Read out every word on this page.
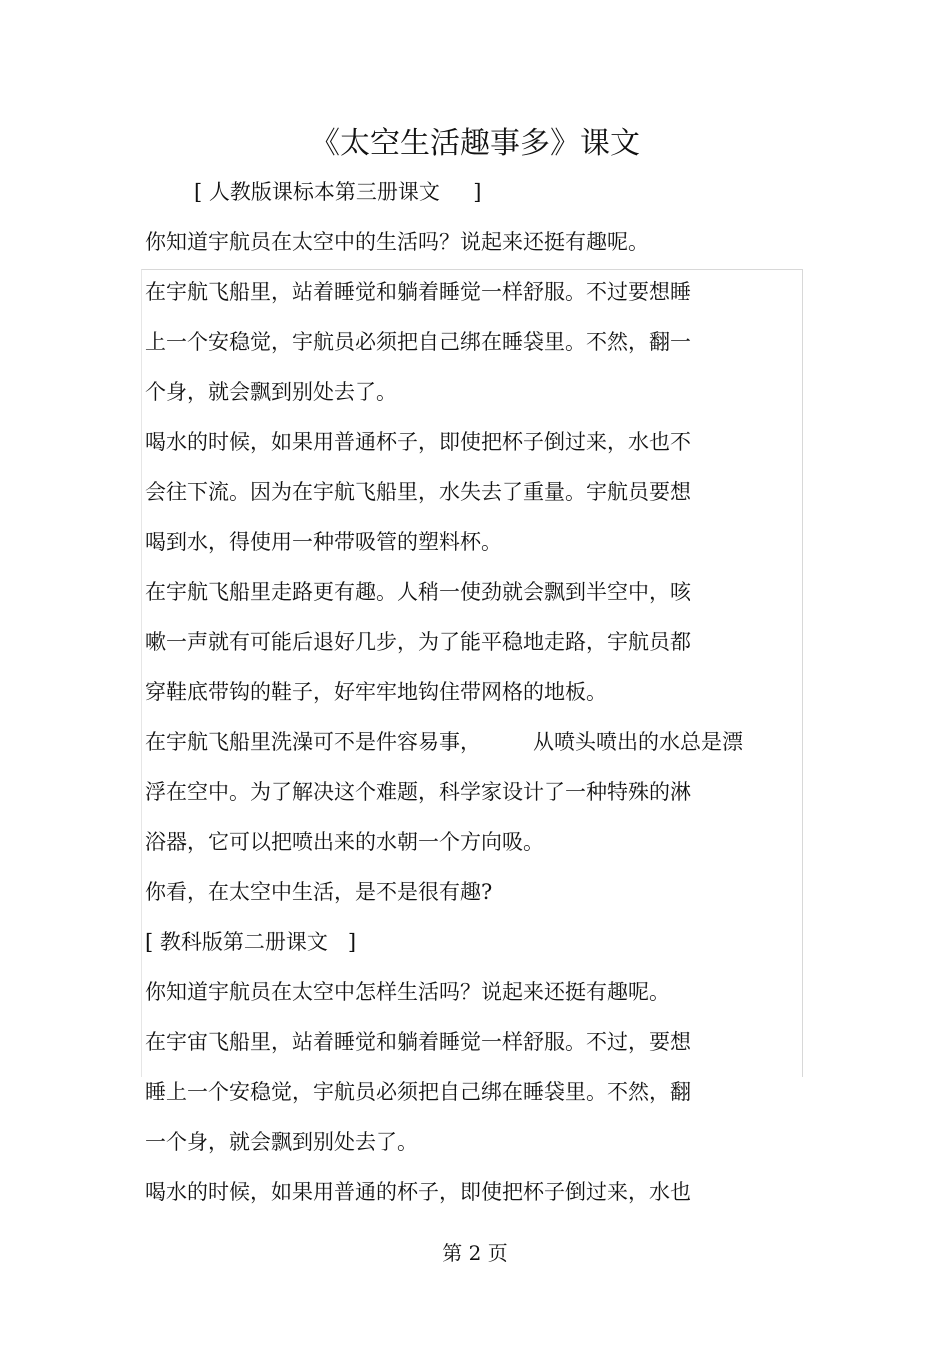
《太空生活趣事多》课文

[ 人教版课标本第三册课文     ]

你知道宇航员在太空中的生活吗？说起来还挺有趣呢。

在宇航飞船里，站着睡觉和躺着睡觉一样舒服。不过要想睡

上一个安稳觉，宇航员必须把自己绑在睡袋里。不然，翻一

个身，就会飘到别处去了。

喝水的时候，如果用普通杯子，即使把杯子倒过来，水也不

会往下流。因为在宇航飞船里，水失去了重量。宇航员要想

喝到水，得使用一种带吸管的塑料杯。

在宇航飞船里走路更有趣。人稍一使劲就会飘到半空中，咳

嗽一声就有可能后退好几步，为了能平稳地走路，宇航员都

穿鞋底带钩的鞋子，好牢牢地钩住带网格的地板。

在宇航飞船里洗澡可不是件容易事， 从喷头喷出的水总是漂

浮在空中。为了解决这个难题，科学家设计了一种特殊的淋

浴器，它可以把喷出来的水朝一个方向吸。

你看，在太空中生活，是不是很有趣?

[ 教科版第二册课文   ]

你知道宇航员在太空中怎样生活吗？说起来还挺有趣呢。

在宇宙飞船里，站着睡觉和躺着睡觉一样舒服。不过，要想

睡上一个安稳觉，宇航员必须把自己绑在睡袋里。不然，翻

一个身，就会飘到别处去了。

喝水的时候，如果用普通的杯子，即使把杯子倒过来，水也

第 2 页
